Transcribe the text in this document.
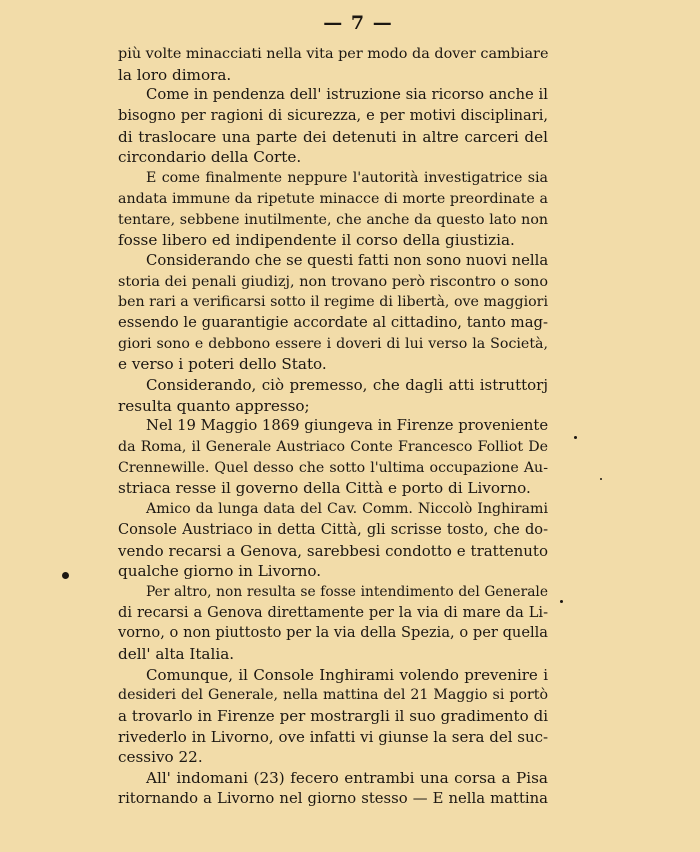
— 7 —
più volte minacciati nella vita per modo da dover cambiare
la loro dimora.
Come in pendenza dell' istruzione sia ricorso anche il
bisogno per ragioni di sicurezza, e per motivi disciplinari,
di traslocare una parte dei detenuti in altre carceri del
circondario della Corte.
E come finalmente neppure l'autorità investigatrice sia
andata immune da ripetute minacce di morte preordinate a
tentare, sebbene inutilmente, che anche da questo lato non
fosse libero ed indipendente il corso della giustizia.
Considerando che se questi fatti non sono nuovi nella
storia dei penali giudizj, non trovano però riscontro o sono
ben rari a verificarsi sotto il regime di libertà, ove maggiori
essendo le guarantigie accordate al cittadino, tanto mag-
giori sono e debbono essere i doveri di lui verso la Società,
e verso i poteri dello Stato.
Considerando, ciò premesso, che dagli atti istruttorj
resulta quanto appresso;
Nel 19 Maggio 1869 giungeva in Firenze proveniente
da Roma, il Generale Austriaco Conte Francesco Folliot De
Crennewille. Quel desso che sotto l'ultima occupazione Au-
striaca resse il governo della Città e porto di Livorno.
Amico da lunga data del Cav. Comm. Niccolò Inghirami
Console Austriaco in detta Città, gli scrisse tosto, che do-
vendo recarsi a Genova, sarebbesi condotto e trattenuto
qualche giorno in Livorno.
Per altro, non resulta se fosse intendimento del Generale
di recarsi a Genova direttamente per la via di mare da Li-
vorno, o non piuttosto per la via della Spezia, o per quella
dell' alta Italia.
Comunque, il Console Inghirami volendo prevenire i
desideri del Generale, nella mattina del 21 Maggio si portò
a trovarlo in Firenze per mostrargli il suo gradimento di
rivederlo in Livorno, ove infatti vi giunse la sera del suc-
cessivo 22.
All' indomani (23) fecero entrambi una corsa a Pisa
ritornando a Livorno nel giorno stesso — E nella mattina
